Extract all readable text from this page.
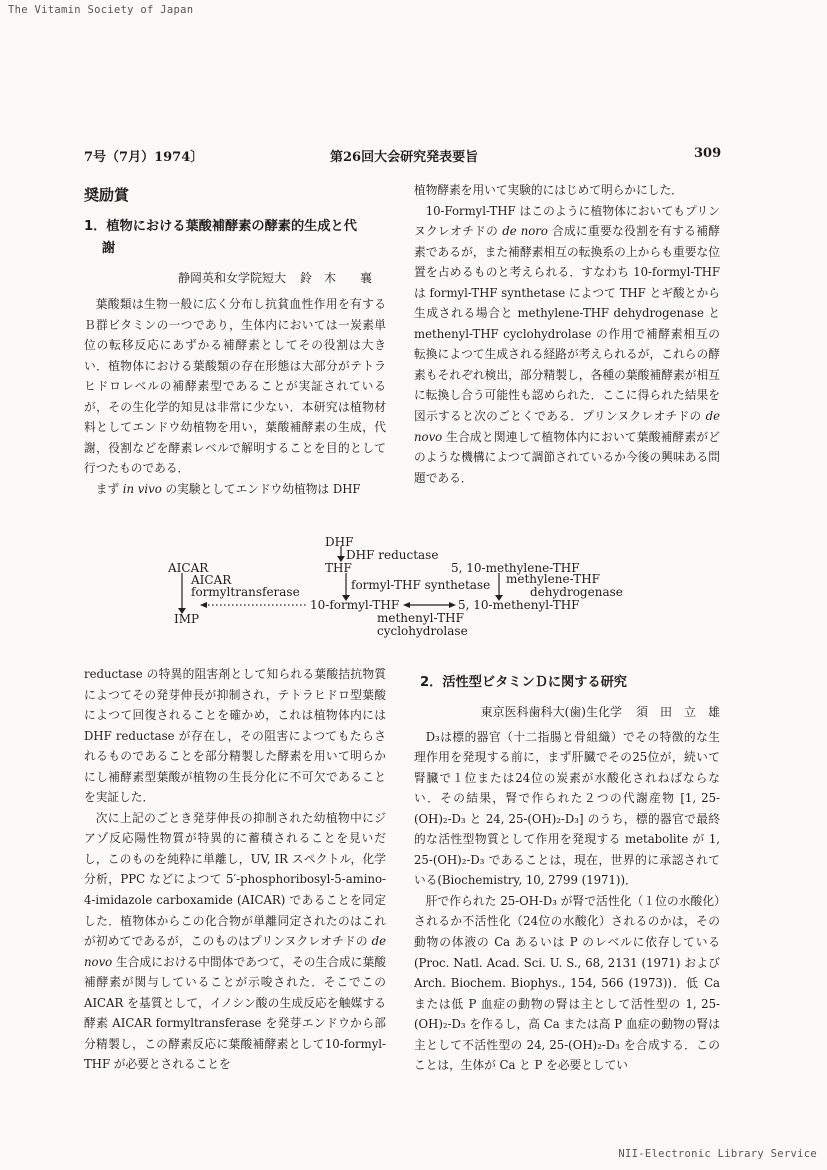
The Vitamin Society of Japan
7号（7月）1974〕	第26回大会研究発表要旨	309
奨励賞
1．植物における葉酸補酵素の酵素的生成と代
謝
静岡英和女学院短大 鈴　木　　襄

葉酸類は生物一般に広く分布し抗貧血性作用を有するＢ群ビタミンの一つであり，生体内においては一炭素単位の転移反応にあずかる補酵素としてその役割は大きい．植物体における葉酸類の存在形態は大部分がテトラヒドロレベルの補酵素型であることが実証されているが，その生化学的知見は非常に少ない．本研究は植物材料としてエンドウ幼植物を用い，葉酸補酵素の生成，代謝，役割などを酵素レベルで解明することを目的として行つたものである．

まず in vivo の実験としてエンドウ幼植物は DHF

植物酵素を用いて実験的にはじめて明らかにした．

10-Formyl-THF はこのように植物体においてもプリンヌクレオチドの de noro 合成に重要な役割を有する補酵素であるが，また補酵素相互の転換系の上からも重要な位置を占めるものと考えられる．すなわち 10-formyl-THF は formyl-THF synthetase によつて THF とギ酸とから生成される場合と methylene-THF dehydrogenase と methenyl-THF cyclohydrolase の作用で補酵素相互の転換によつて生成される経路が考えられるが，これらの酵素もそれぞれ検出，部分精製し，各種の葉酸補酵素が相互に転換し合う可能性も認められた．ここに得られた結果を図示すると次のごとくである．プリンヌクレオチドの de novo 生合成と関連して植物体内において葉酸補酵素がどのような機構によつて調節されているか今後の興味ある問題である．

DHF
DHF reductase
AICAR	THF	5, 10-methylene-THF
AICAR
formyltransferase	formyl-THF synthetase methylene-THF
dehydrogenase
10-formyl-THF	5, 10-methenyl-THF
IMP	methenyl-THF
cyclohydrolase

reductase の特異的阻害剤として知られる葉酸拮抗物質によつてその発芽伸長が抑制され，テトラヒドロ型葉酸によつて回復されることを確かめ，これは植物体内には DHF reductase が存在し，その阻害によつてもたらされるものであることを部分精製した酵素を用いて明らかにし補酵素型葉酸が植物の生長分化に不可欠であることを実証した．

次に上記のごとき発芽伸長の抑制された幼植物中にジアゾ反応陽性物質が特異的に蓄積されることを見いだし，このものを純粋に単離し，UV, IR スペクトル，化学分析，PPC などによつて 5′-phosphoribosyl-5-amino-4-imidazole carboxamide (AICAR) であることを同定した．植物体からこの化合物が単離同定されたのはこれが初めてであるが，このものはプリンヌクレオチドの de novo 生合成における中間体であつて，その生合成に葉酸補酵素が関与していることが示唆された．そこでこの AICAR を基質として，イノシン酸の生成反応を触媒する酵素 AICAR formyltransferase を発芽エンドウから部分精製し，この酵素反応に葉酸補酵素として10-formyl-THF が必要とされることを

2．活性型ビタミンＤに関する研究
東京医科歯科大(歯)生化学 須　田　立　雄

D₃は標的器官（十二指腸と骨組織）でその特徴的な生理作用を発現する前に，まず肝臓でその25位が，続いて腎臓で１位または24位の炭素が水酸化されねばならない．その結果，腎で作られた２つの代謝産物 [1, 25-(OH)₂-D₃ と 24, 25-(OH)₂-D₃] のうち，標的器官で最終的な活性型物質として作用を発現する metabolite が 1, 25-(OH)₂-D₃ であることは，現在，世界的に承認されている(Biochemistry, 10, 2799 (1971))．

肝で作られた 25-OH-D₃ が腎で活性化（１位の水酸化）されるか不活性化（24位の水酸化）されるのかは，その動物の体液の Ca あるいは P のレベルに依存している (Proc. Natl. Acad. Sci. U. S., 68, 2131 (1971) および Arch. Biochem. Biophys., 154, 566 (1973))．低 Ca または低 P 血症の動物の腎は主として活性型の 1, 25-(OH)₂-D₃ を作るし，高 Ca または高 P 血症の動物の腎は主として不活性型の 24, 25-(OH)₂-D₃ を合成する．このことは，生体が Ca と P を必要としてい

NII-Electronic Library Service
